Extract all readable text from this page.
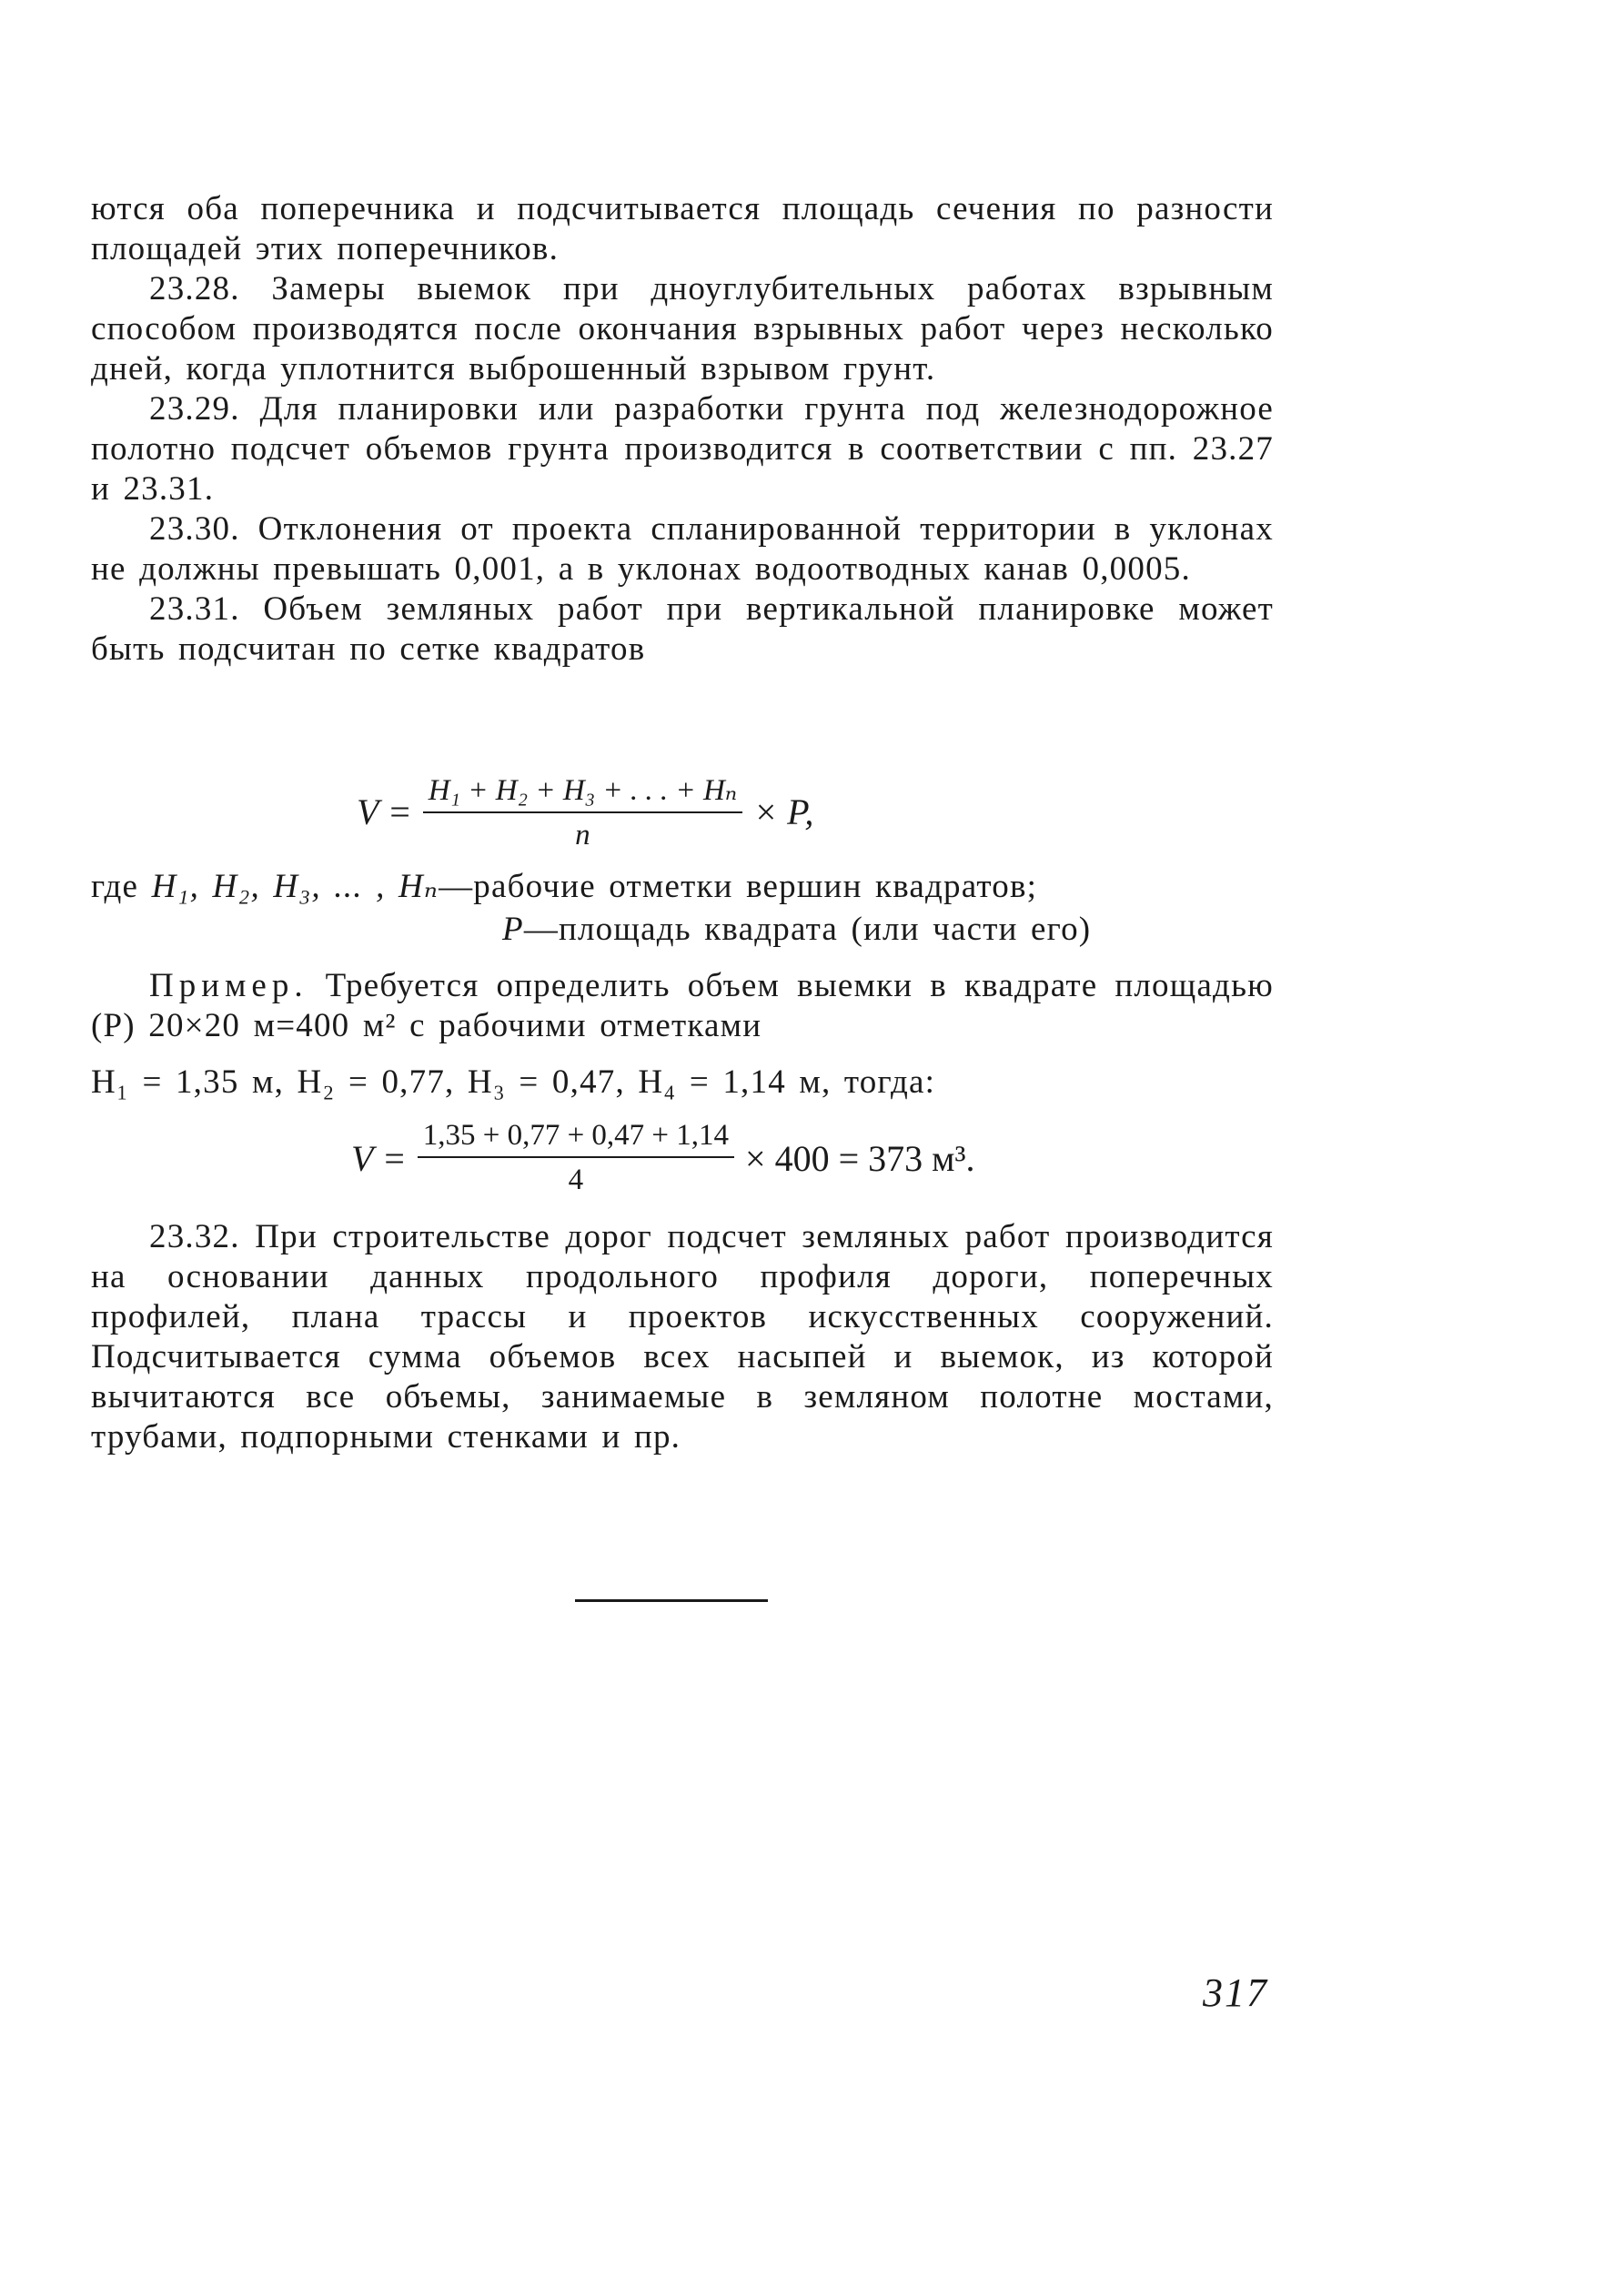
ются оба поперечника и подсчитывается площадь сечения по разности площадей этих поперечников.

23.28. Замеры выемок при дноуглубительных работах взрывным способом производятся после окончания взрывных работ через несколько дней, когда уплотнится выброшенный взрывом грунт.

23.29. Для планировки или разработки грунта под железнодорожное полотно подсчет объемов грунта производится в соответствии с пп. 23.27 и 23.31.

23.30. Отклонения от проекта спланированной территории в уклонах не должны превышать 0,001, а в уклонах водоотводных канав 0,0005.

23.31. Объем земляных работ при вертикальной планировке может быть подсчитан по сетке квадратов

$V = \frac{\text{H₁ + H₂ + H₃ + . . . + Hₙ}}{n} \times P$,
где H₁, H₂, H₃, ... , Hₙ—рабочие отметки вершин квадратов;
P—площадь квадрата (или части его)

Пример. Требуется определить объем выемки в квадрате площадью (P) 20×20 м=400 м² с рабочими отметками

H₁ = 1,35 м, H₂ = 0,77, H₃ = 0,47, H₄ = 1,14 м, тогда:
$V = \frac{1,35 + 0,77 + 0,47 + 1,14}{4} \times 400 = 373$ м³.

23.32. При строительстве дорог подсчет земляных работ производится на основании данных продольного профиля дороги, поперечных профилей, плана трассы и проектов искусственных сооружений. Подсчитывается сумма объемов всех насыпей и выемок, из которой вычитаются все объемы, занимаемые в земляном полотне мостами, трубами, подпорными стенками и пр.

317
